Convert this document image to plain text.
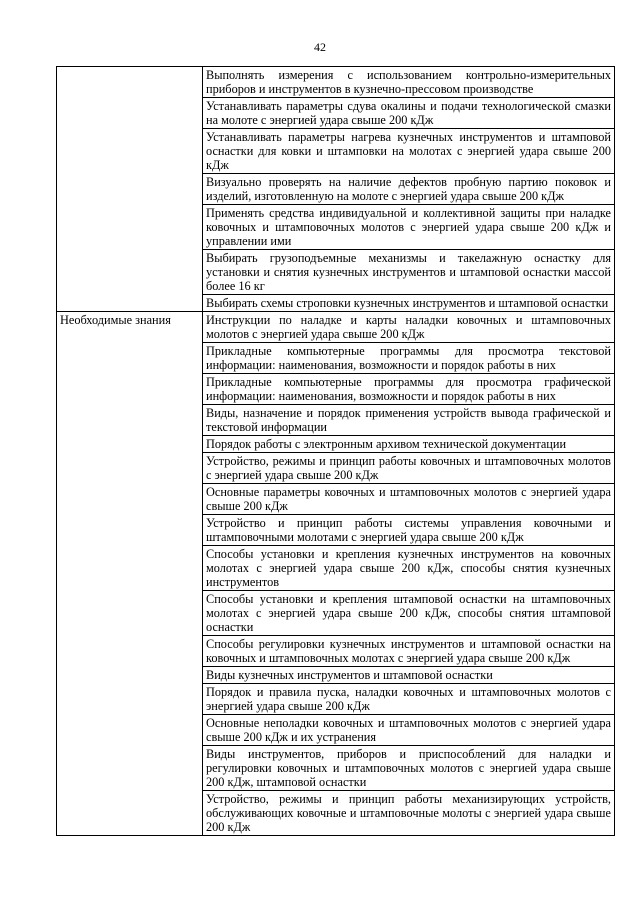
42
	Выполнять измерения с использованием контрольно-измерительных приборов и инструментов в кузнечно-прессовом производстве
	Устанавливать параметры сдува окалины и подачи технологической смазки на молоте с энергией удара свыше 200 кДж
	Устанавливать параметры нагрева кузнечных инструментов и штамповой оснастки для ковки и штамповки на молотах с энергией удара свыше 200 кДж
	Визуально проверять на наличие дефектов пробную партию поковок и изделий, изготовленную на молоте с энергией удара свыше 200 кДж
	Применять средства индивидуальной и коллективной защиты при наладке ковочных и штамповочных молотов с энергией удара свыше 200 кДж и управлении ими
	Выбирать грузоподъемные механизмы и такелажную оснастку для установки и снятия кузнечных инструментов и штамповой оснастки массой более 16 кг
	Выбирать схемы строповки кузнечных инструментов и штамповой оснастки
Необходимые знания	Инструкции по наладке и карты наладки ковочных и штамповочных молотов с энергией удара свыше 200 кДж
	Прикладные компьютерные программы для просмотра текстовой информации: наименования, возможности и порядок работы в них
	Прикладные компьютерные программы для просмотра графической информации: наименования, возможности и порядок работы в них
	Виды, назначение и порядок применения устройств вывода графической и текстовой информации
	Порядок работы с электронным архивом технической документации
	Устройство, режимы и принцип работы ковочных и штамповочных молотов с энергией удара свыше 200 кДж
	Основные параметры ковочных и штамповочных молотов с энергией удара свыше 200 кДж
	Устройство и принцип работы системы управления ковочными и штамповочными молотами с энергией удара свыше 200 кДж
	Способы установки и крепления кузнечных инструментов на ковочных молотах с энергией удара свыше 200 кДж, способы снятия кузнечных инструментов
	Способы установки и крепления штамповой оснастки на штамповочных молотах с энергией удара свыше 200 кДж, способы снятия штамповой оснастки
	Способы регулировки кузнечных инструментов и штамповой оснастки на ковочных и штамповочных молотах с энергией удара свыше 200 кДж
	Виды кузнечных инструментов и штамповой оснастки
	Порядок и правила пуска, наладки ковочных и штамповочных молотов с энергией удара свыше 200 кДж
	Основные неполадки ковочных и штамповочных молотов с энергией удара свыше 200 кДж и их устранения
	Виды инструментов, приборов и приспособлений для наладки и регулировки ковочных и штамповочных молотов с энергией удара свыше 200 кДж, штамповой оснастки
	Устройство, режимы и принцип работы механизирующих устройств, обслуживающих ковочные и штамповочные молоты с энергией удара свыше 200 кДж
